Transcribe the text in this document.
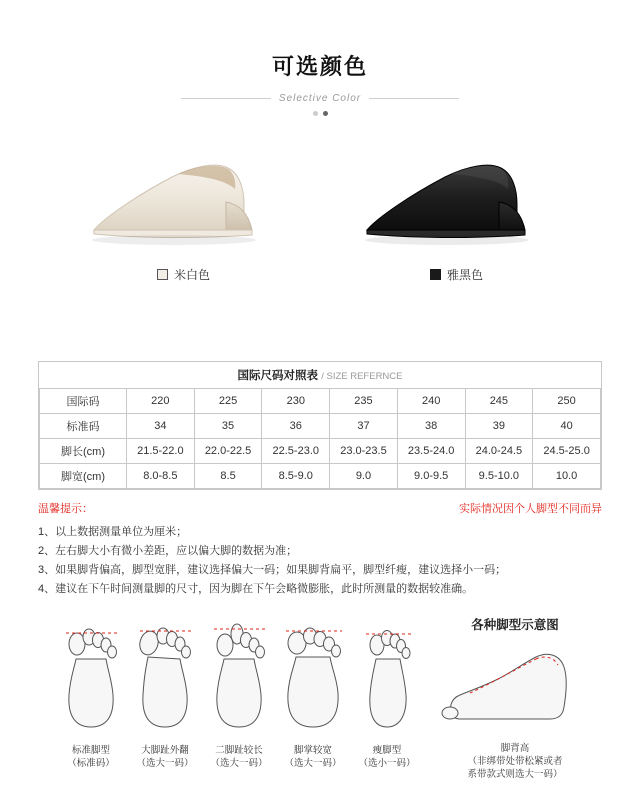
可选颜色
Selective Color
米白色	雅黑色
国际尺码对照表 / SIZE REFERNCE							
国际码	220	225	230	235	240	245	250
标准码	34	35	36	37	38	39	40
脚长(cm)	21.5-22.0	22.0-22.5	22.5-23.0	23.0-23.5	23.5-24.0	24.0-24.5	24.5-25.0
脚宽(cm)	8.0-8.5	8.5	8.5-9.0	9.0	9.0-9.5	9.5-10.0	10.0
温馨提示：	实际情况因个人脚型不同而异
1、以上数据测量单位为厘米；
2、左右脚大小有微小差距，应以偏大脚的数据为准；
3、如果脚背偏高，脚型宽胖，建议选择偏大一码；如果脚背扁平，脚型纤瘦，建议选择小一码；
4、建议在下午时间测量脚的尺寸，因为脚在下午会略微膨胀，此时所测量的数据较准确。
标准脚型
（标准码）
大脚趾外翻
（选大一码）
二脚趾较长
（选大一码）
脚掌较宽
（选大一码）
瘦脚型
（选小一码）
各种脚型示意图
脚背高
（非绑带处带松紧或者
系带款式则选大一码）
